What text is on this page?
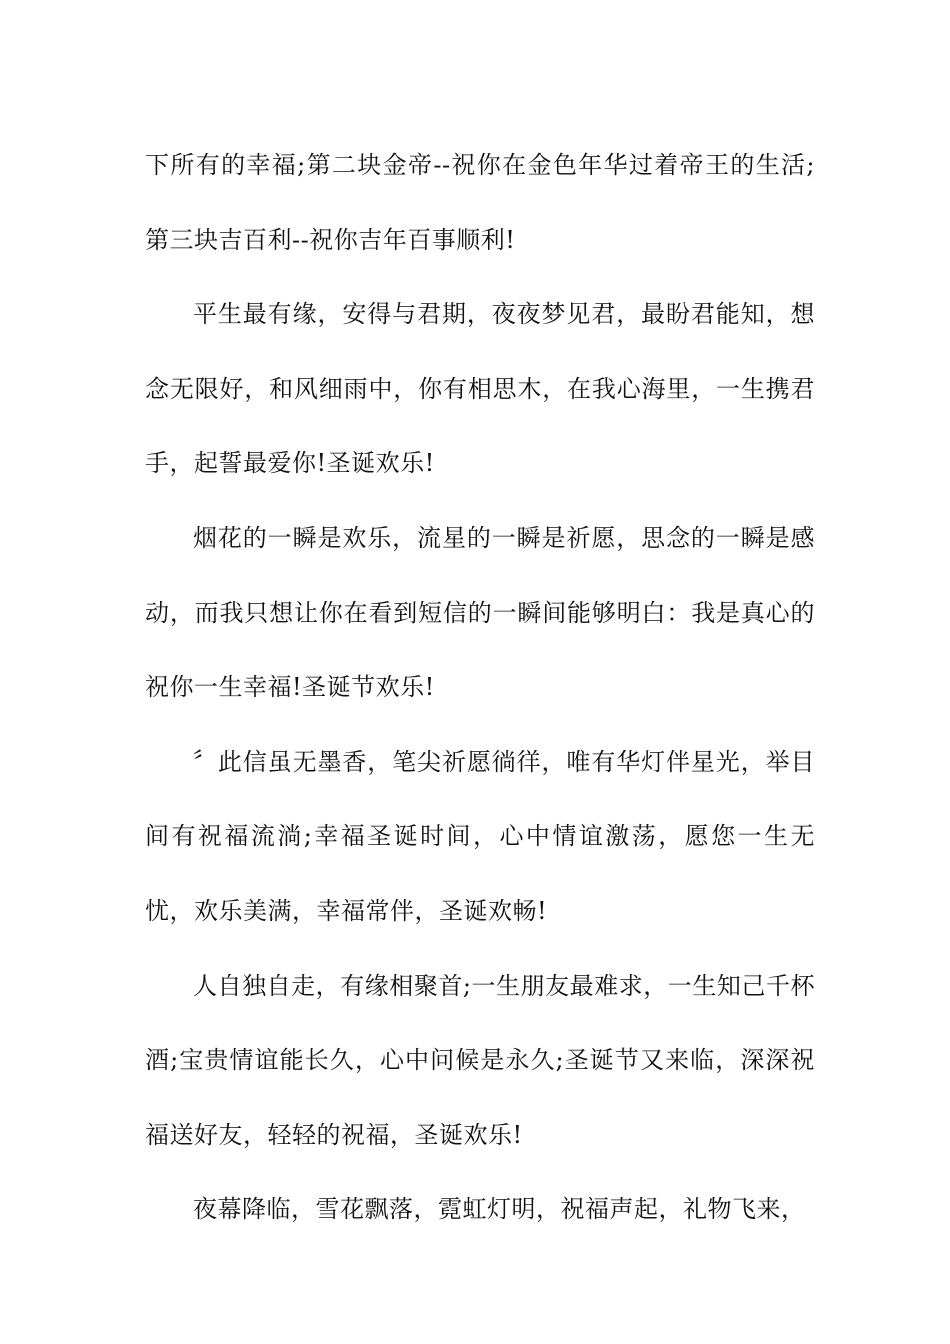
下所有的幸福;第二块金帝--祝你在金色年华过着帝王的生活;第三块吉百利--祝你吉年百事顺利!

平生最有缘，安得与君期，夜夜梦见君，最盼君能知，想念无限好，和风细雨中，你有相思木，在我心海里，一生携君手，起誓最爱你!圣诞欢乐!

烟花的一瞬是欢乐，流星的一瞬是祈愿，思念的一瞬是感动，而我只想让你在看到短信的一瞬间能够明白：我是真心的祝你一生幸福!圣诞节欢乐!

〞此信虽无墨香，笔尖祈愿徜徉，唯有华灯伴星光，举目间有祝福流淌;幸福圣诞时间，心中情谊激荡，愿您一生无忧，欢乐美满，幸福常伴，圣诞欢畅!

人自独自走，有缘相聚首;一生朋友最难求，一生知己千杯酒;宝贵情谊能长久，心中问候是永久;圣诞节又来临，深深祝福送好友，轻轻的祝福，圣诞欢乐!

夜幕降临，雪花飘落，霓虹灯明，祝福声起，礼物飞来，
